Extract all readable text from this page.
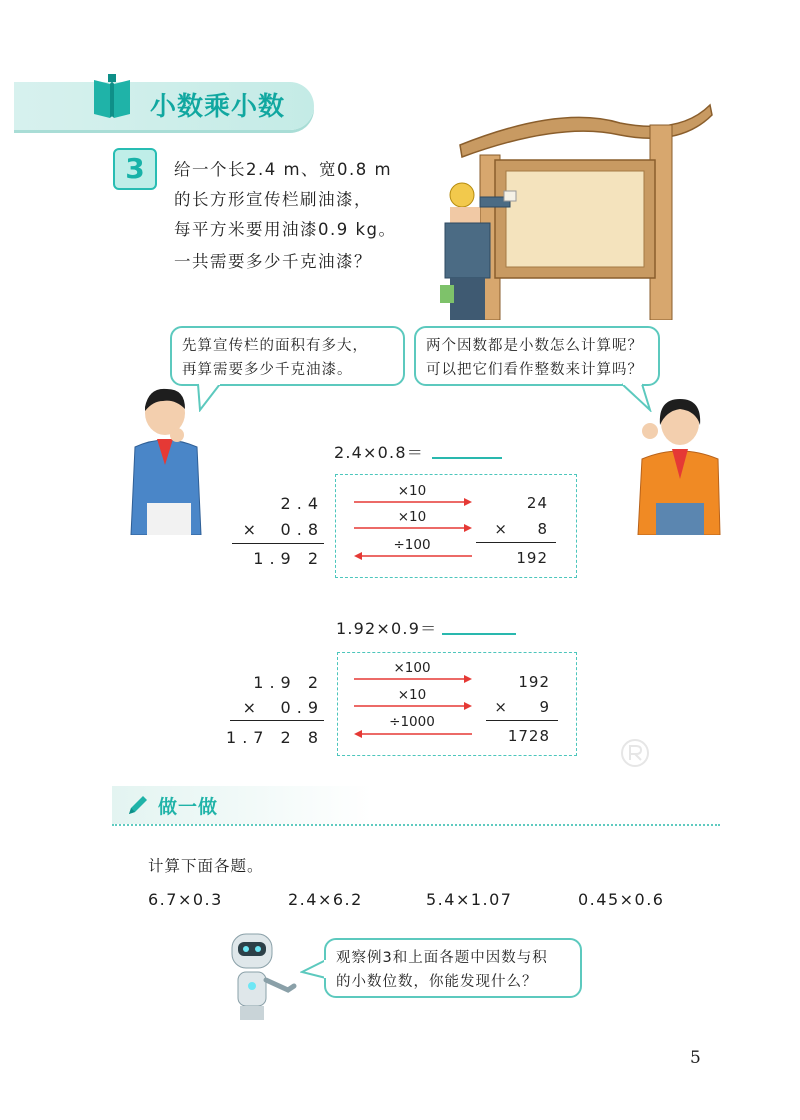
小数乘小数
3	给一个长2.4 m、宽0.8 m
的长方形宣传栏刷油漆，
每平方米要用油漆0.9 kg。
一共需要多少千克油漆？
先算宣传栏的面积有多大，
再算需要多少千克油漆。
两个因数都是小数怎么计算呢？
可以把它们看作整数来计算吗？
2.4×0.8＝
2.4
×	0.8
1.9 2
×10
×10
÷100
24
×	8
192
1.92×0.9＝
1.9 2
×	0.9
1.7 2 8
×100
×10
÷1000
192
×	9
1728
做一做
计算下面各题。
6.7×0.3	2.4×6.2	5.4×1.07	0.45×0.6
观察例3和上面各题中因数与积
的小数位数，你能发现什么？
5
